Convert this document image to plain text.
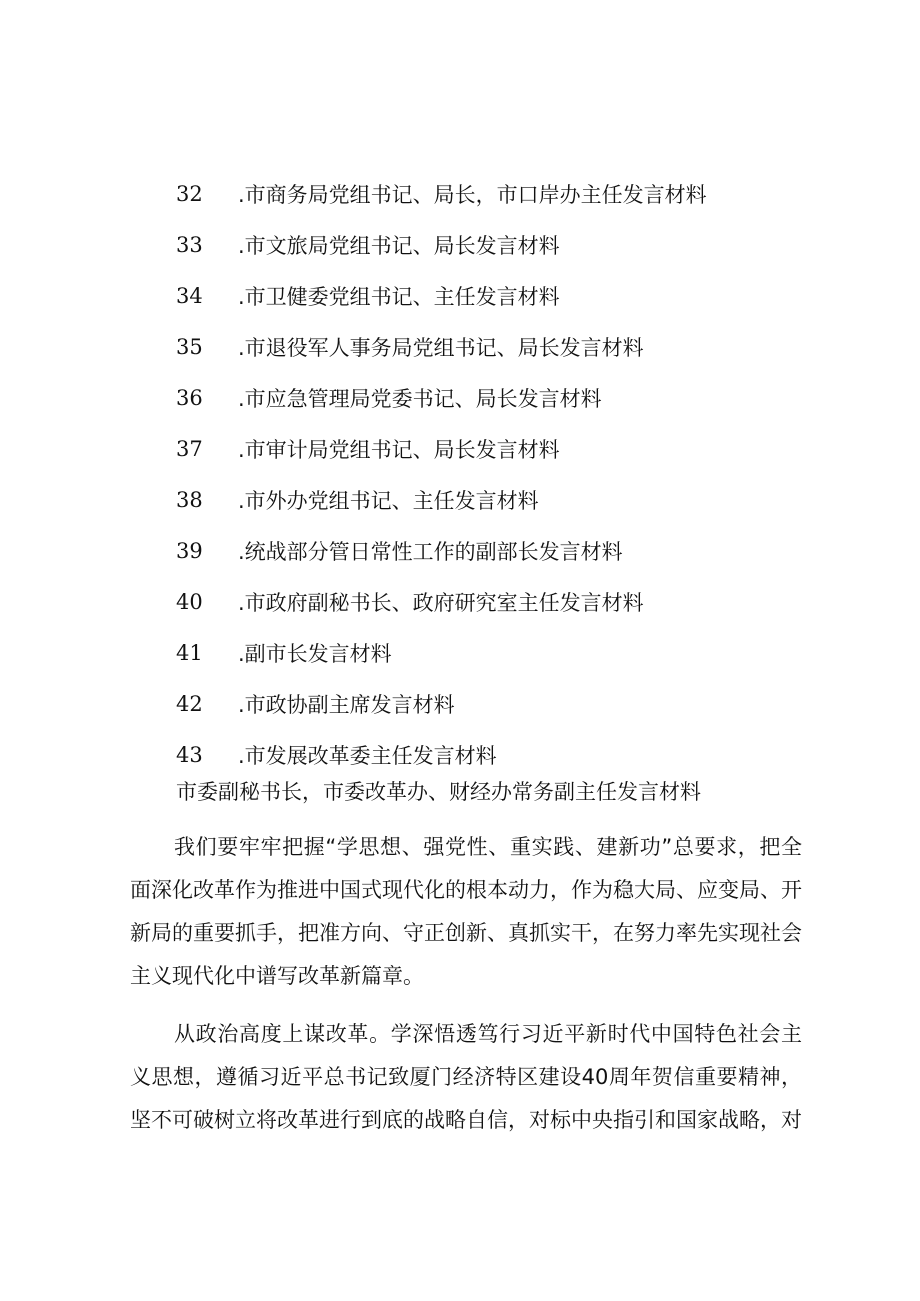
32	.市商务局党组书记、局长，市口岸办主任发言材料
33	.市文旅局党组书记、局长发言材料
34	.市卫健委党组书记、主任发言材料
35	.市退役军人事务局党组书记、局长发言材料
36	.市应急管理局党委书记、局长发言材料
37	.市审计局党组书记、局长发言材料
38	.市外办党组书记、主任发言材料
39	.统战部分管日常性工作的副部长发言材料
40	.市政府副秘书长、政府研究室主任发言材料
41	.副市长发言材料
42	.市政协副主席发言材料
43	.市发展改革委主任发言材料
市委副秘书长，市委改革办、财经办常务副主任发言材料

我们要牢牢把握“学思想、强党性、重实践、建新功”总要求，把全面深化改革作为推进中国式现代化的根本动力，作为稳大局、应变局、开新局的重要抓手，把准方向、守正创新、真抓实干，在努力率先实现社会主义现代化中谱写改革新篇章。

从政治高度上谋改革。学深悟透笃行习近平新时代中国特色社会主义思想，遵循习近平总书记致厦门经济特区建设40周年贺信重要精神，坚不可破树立将改革进行到底的战略自信，对标中央指引和国家战略，对
